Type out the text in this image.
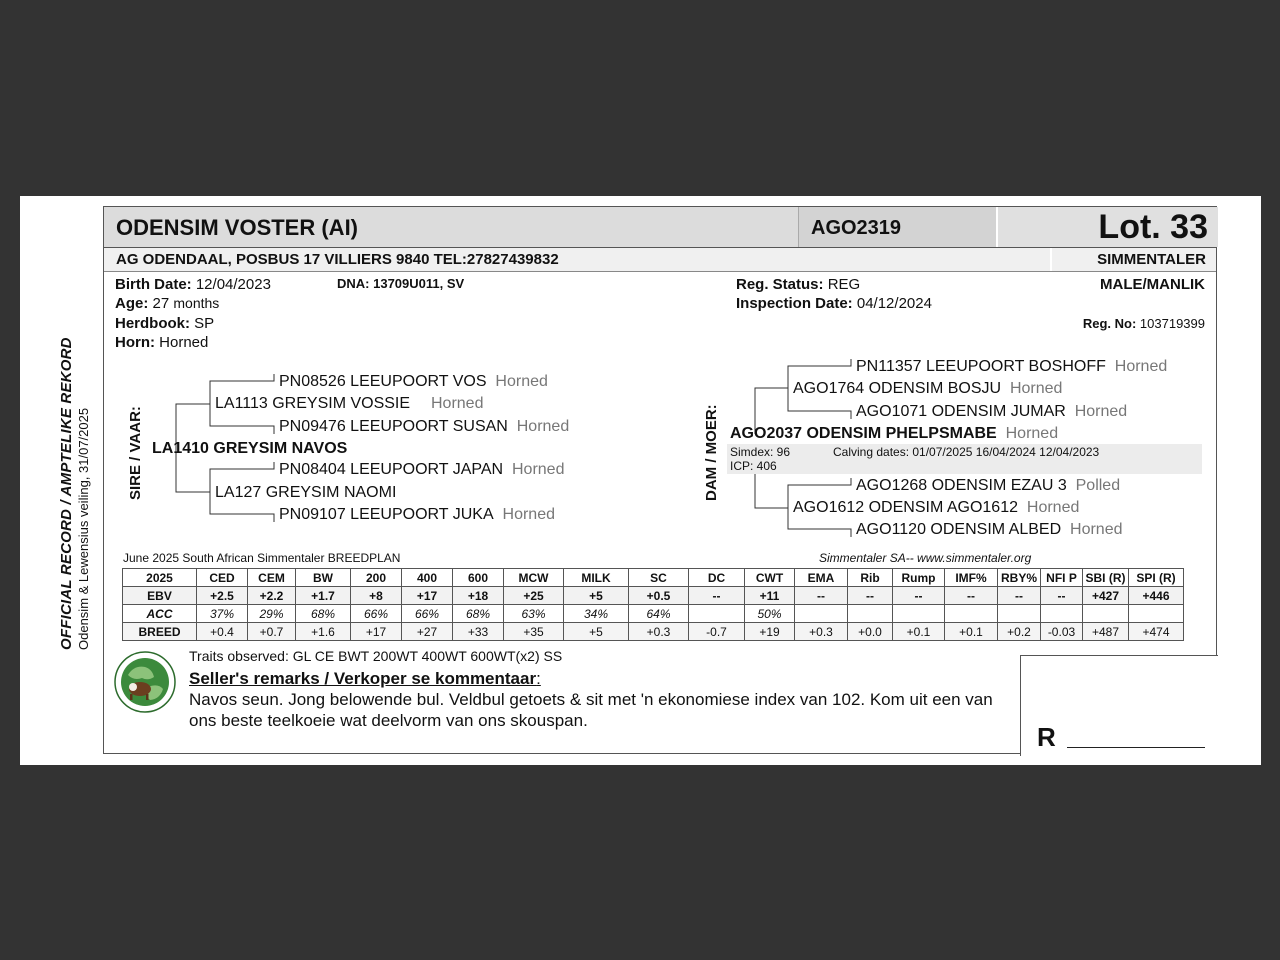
OFFICIAL RECORD / AMPTELIKE REKORD Odensim & Lewensius veiling, 31/07/2025
ODENSIM VOSTER (AI)	AGO2319	Lot. 33
AG ODENDAAL, POSBUS 17 VILLIERS 9840 TEL:27827439832	SIMMENTALER
Birth Date: 12/04/2023
Age: 27 months
Herdbook: SP
Horn: Horned
DNA: 13709U011, SV	Reg. Status: REG
Inspection Date: 04/12/2024
MALE/MANLIK
Reg. No: 103719399
SIRE / VAAR: LA1410 GREYSIM NAVOS
LA1113 GREYSIM VOSSIE Horned
PN08526 LEEUPOORT VOS Horned
PN09476 LEEUPOORT SUSAN Horned
LA127 GREYSIM NAOMI
PN08404 LEEUPOORT JAPAN Horned
PN09107 LEEUPOORT JUKA Horned
DAM / MOER: Simdex: 96	Calving dates: 01/07/2025 16/04/2024 12/04/2023
ICP: 406
AGO2037 ODENSIM PHELPSMABE Horned
AGO1764 ODENSIM BOSJU Horned
PN11357 LEEUPOORT BOSHOFF Horned
AGO1071 ODENSIM JUMAR Horned
AGO1612 ODENSIM AGO1612 Horned
AGO1268 ODENSIM EZAU 3 Polled
AGO1120 ODENSIM ALBED Horned
June 2025 South African Simmentaler BREEDPLAN	Simmentaler SA-- www.simmentaler.org
2025	CED	CEM	BW	200	400	600	MCW	MILK	SC	DC	CWT	EMA	Rib	Rump	IMF%	RBY%	NFI P	SBI (R)	SPI (R)
EBV	+2.5	+2.2	+1.7	+8	+17	+18	+25	+5	+0.5	--	+11	--	--	--	--	--	--	+427	+446
ACC	37%	29%	68%	66%	66%	68%	63%	34%	64%		50%								
BREED	+0.4	+0.7	+1.6	+17	+27	+33	+35	+5	+0.3	-0.7	+19	+0.3	+0.0	+0.1	+0.1	+0.2	-0.03	+487	+474
Traits observed: GL CE BWT 200WT 400WT 600WT(x2) SS
Seller's remarks / Verkoper se kommentaar:
Navos seun. Jong belowende bul. Veldbul getoets & sit met 'n ekonomiese index van 102. Kom uit een van ons beste teelkoeie wat deelvorm van ons skouspan.
R
